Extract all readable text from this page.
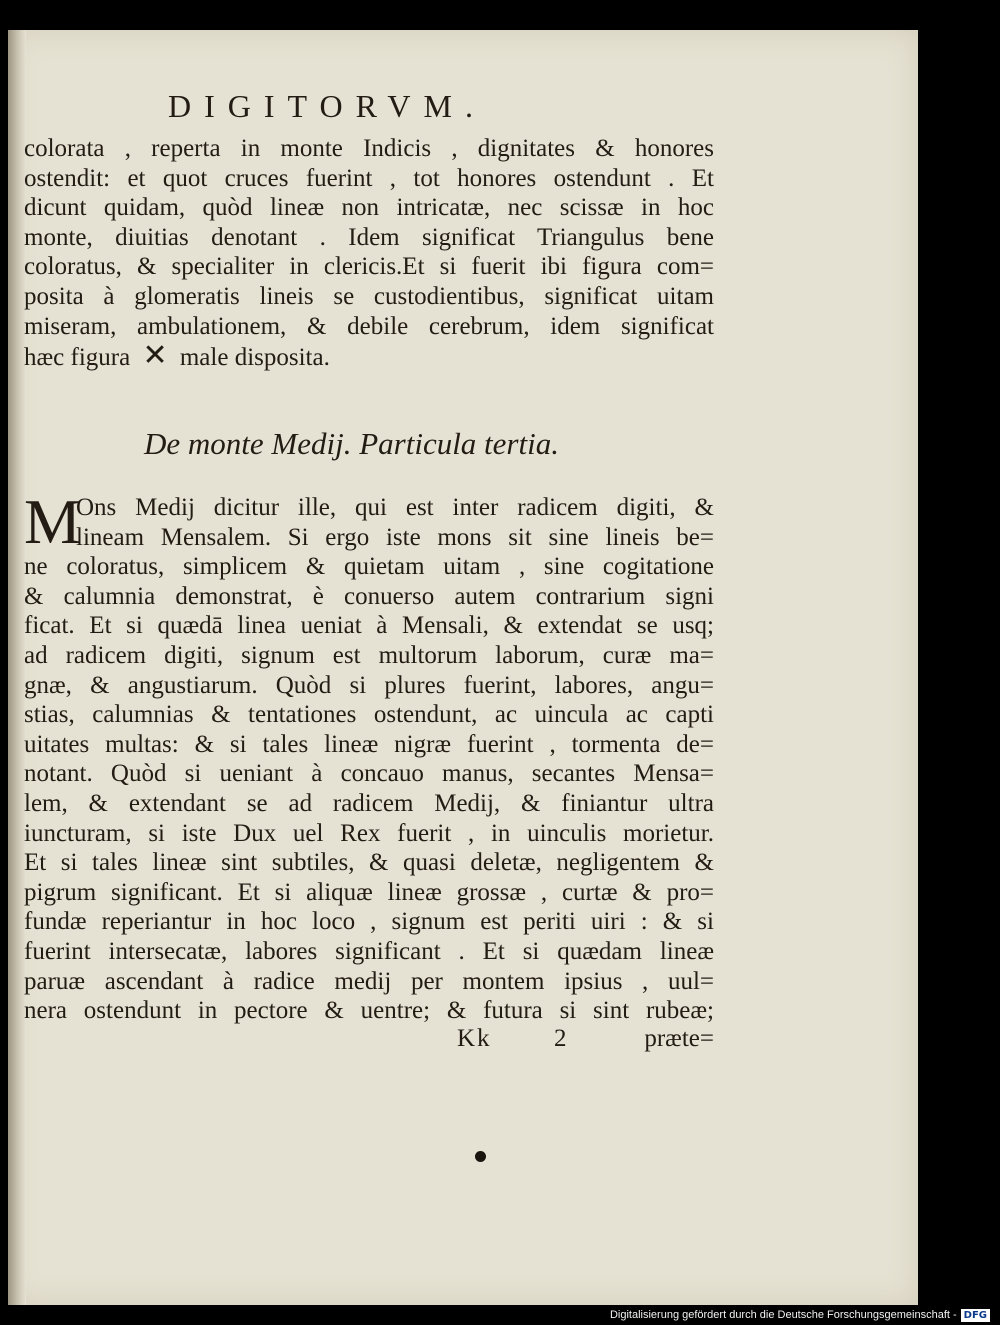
DIGITORVM.
colorata , reperta in monte Indicis , dignitates & honores
ostendit: et quot cruces fuerint , tot honores ostendunt . Et
dicunt quidam, quòd lineæ non intricatæ, nec scissæ in hoc
monte, diuitias denotant . Idem significat Triangulus bene
coloratus, & specialiter in clericis.Et si fuerit ibi figura com=
posita à glomeratis lineis se custodientibus, significat uitam
miseram, ambulationem, & debile cerebrum, idem significat
hæc figura ✕ male disposita.
De monte Medij. Particula tertia.
M
Ons Medij dicitur ille, qui est inter radicem digiti, &
lineam Mensalem. Si ergo iste mons sit sine lineis be=
ne coloratus, simplicem & quietam uitam , sine cogitatione
& calumnia demonstrat, è conuerso autem contrarium signi
ficat. Et si quædā linea ueniat à Mensali, & extendat se usq;
ad radicem digiti, signum est multorum laborum, curæ ma=
gnæ, & angustiarum. Quòd si plures fuerint, labores, angu=
stias, calumnias & tentationes ostendunt, ac uincula ac capti
uitates multas: & si tales lineæ nigræ fuerint , tormenta de=
notant. Quòd si ueniant à concauo manus, secantes Mensa=
lem, & extendant se ad radicem Medij, & finiantur ultra
iuncturam, si iste Dux uel Rex fuerit , in uinculis morietur.
Et si tales lineæ sint subtiles, & quasi deletæ, negligentem &
pigrum significant. Et si aliquæ lineæ grossæ , curtæ & pro=
fundæ reperiantur in hoc loco , signum est periti uiri : & si
fuerint intersecatæ, labores significant . Et si quædam lineæ
paruæ ascendant à radice medij per montem ipsius , uul=
nera ostendunt in pectore & uentre; & futura si sint rubeæ;
Kk 2	præte=
Digitalisierung gefördert durch die Deutsche Forschungsgemeinschaft - DFG
